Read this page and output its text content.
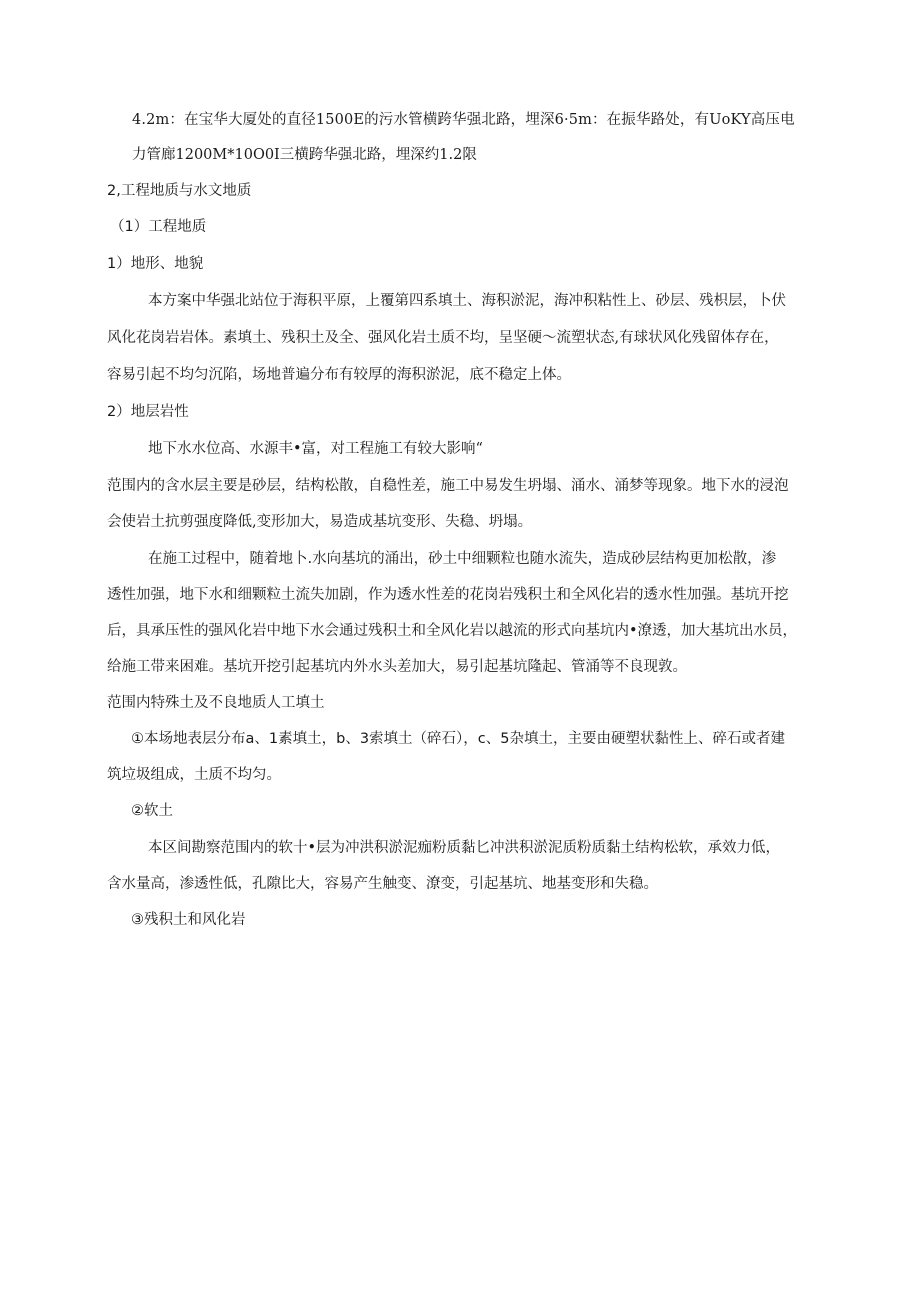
4.2m：在宝华大厦处的直径1500E的污水管横跨华强北路，埋深6·5m：在振华路处，有UoKY高压电
力管廊1200M*10O0I三横跨华强北路，埋深约1.2限
2,工程地质与水文地质
（1）工程地质
1）地形、地貌
本方案中华强北站位于海积平原，上覆第四系填土、海积淤泥，海冲积粘性上、砂层、残枳层，卜伏
风化花岗岩岩体。素填土、残积土及全、强风化岩土质不均，呈坚硬～流塑状态,有球状风化残留体存在，
容易引起不均匀沉陷，场地普遍分布有较厚的海积淤泥，底不稳定上体。
2）地层岩性
地下水水位高、水源丰•富，对工程施工有较大影响“
范围内的含水层主要是砂层，结构松散，自稳性差，施工中易发生坍塌、涌水、涌梦等现象。地下水的浸泡
会使岩土抗剪强度降低,变形加大，易造成基坑变形、失稳、坍塌。
在施工过程中，随着地卜.水向基坑的涌出，砂土中细颗粒也随水流失，造成砂层结构更加松散，渗
透性加强，地下水和细颗粒土流失加剧，作为透水性差的花岗岩残积土和全风化岩的透水性加强。基坑开挖
后，具承压性的强风化岩中地下水会通过残积土和全风化岩以越流的形式向基坑内•潦透，加大基坑出水员，
给施工带来困难。基坑开挖引起基坑内外水头差加大，易引起基坑隆起、管涌等不良现敦。
范围内特殊土及不良地质人工填土
①本场地表层分布a、1素填土，b、3索填土（碎石），c、5杂填土，主要由硬塑状黏性上、碎石或者建
筑垃圾组成，土质不均匀。
②软土
本区间勘察范围内的软十•层为冲洪积淤泥痂粉质黏匕冲洪积淤泥质粉质黏土结构松软，承效力低，
含水量高，渗透性低，孔隙比大，容易产生触变、潦变，引起基坑、地基变形和失稳。
③残积土和风化岩
